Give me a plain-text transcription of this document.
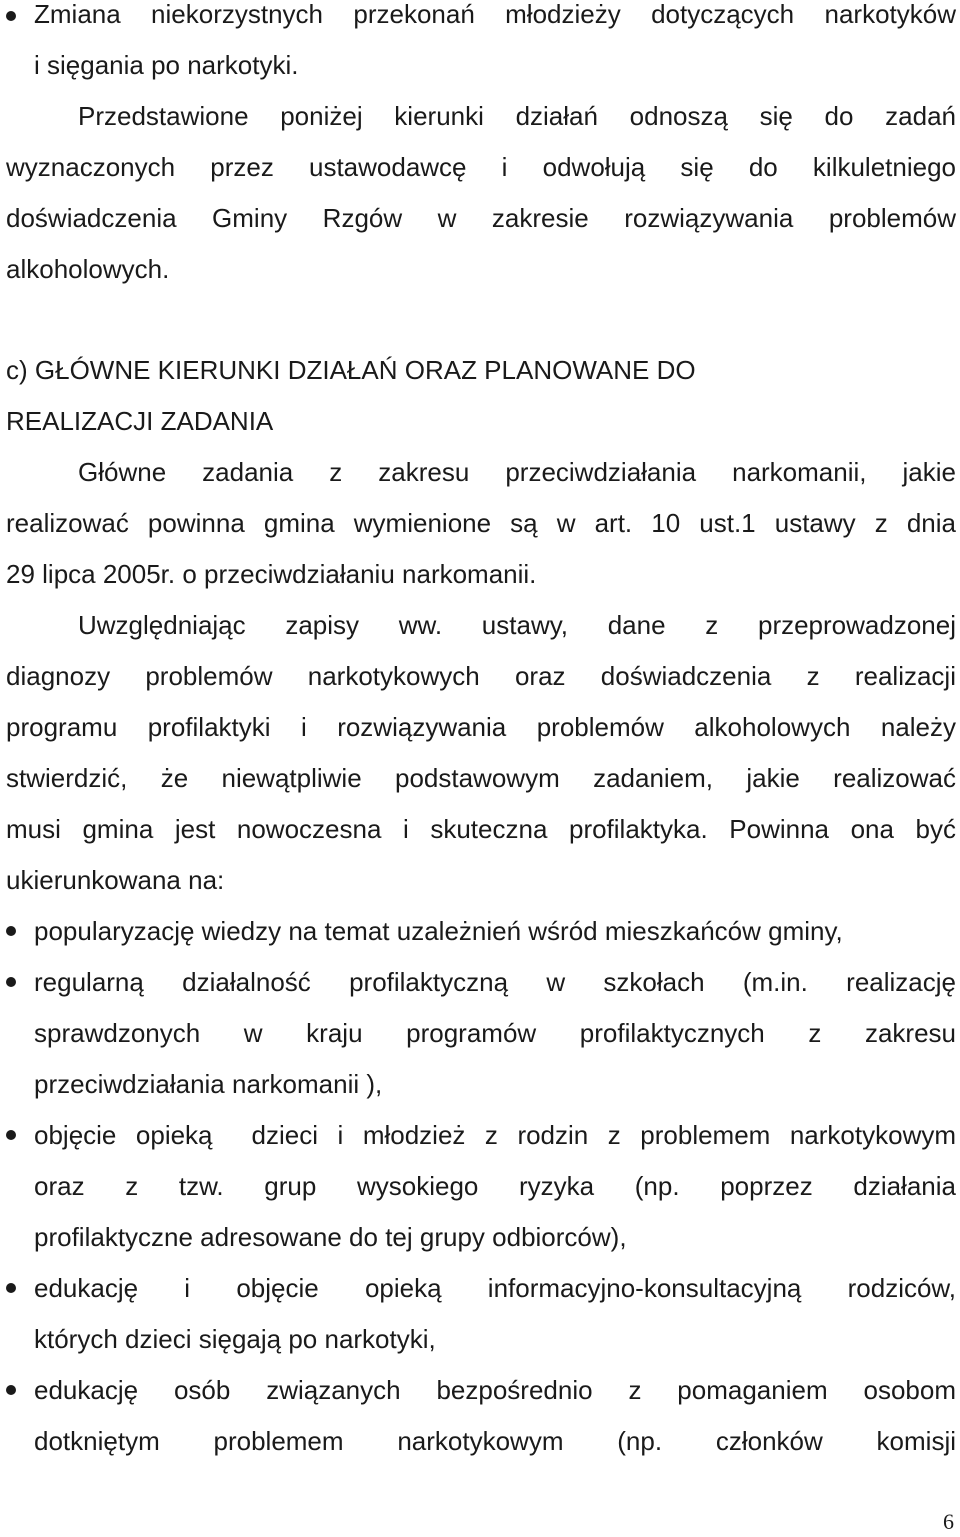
Zmiana niekorzystnych przekonań młodzieży dotyczących narkotyków
i sięgania po narkotyki.
Przedstawione poniżej kierunki działań odnoszą się do zadań
wyznaczonych przez ustawodawcę i odwołują się do kilkuletniego
doświadczenia Gminy Rzgów w zakresie rozwiązywania problemów
alkoholowych.
c) GŁÓWNE KIERUNKI DZIAŁAŃ ORAZ PLANOWANE DO
REALIZACJI ZADANIA
Główne zadania z zakresu przeciwdziałania narkomanii, jakie
realizować powinna gmina wymienione są w art. 10 ust.1 ustawy z dnia
29 lipca 2005r. o przeciwdziałaniu narkomanii.
Uwzględniając zapisy ww. ustawy, dane z przeprowadzonej
diagnozy problemów narkotykowych oraz doświadczenia z realizacji
programu profilaktyki i rozwiązywania problemów alkoholowych należy
stwierdzić, że niewątpliwie podstawowym zadaniem, jakie realizować
musi gmina jest nowoczesna i skuteczna profilaktyka. Powinna ona być
ukierunkowana na:
popularyzację wiedzy na temat uzależnień wśród mieszkańców gminy,
regularną działalność profilaktyczną w szkołach (m.in. realizację
sprawdzonych w kraju programów profilaktycznych z zakresu
przeciwdziałania narkomanii ),
objęcie opieką  dzieci i młodzież z rodzin z problemem narkotykowym
oraz z tzw. grup wysokiego ryzyka (np. poprzez działania
profilaktyczne adresowane do tej grupy odbiorców),
edukację i objęcie opieką informacyjno-konsultacyjną rodziców,
których dzieci sięgają po narkotyki,
edukację osób związanych bezpośrednio z pomaganiem osobom
dotkniętym problemem narkotykowym (np. członków komisji
6
